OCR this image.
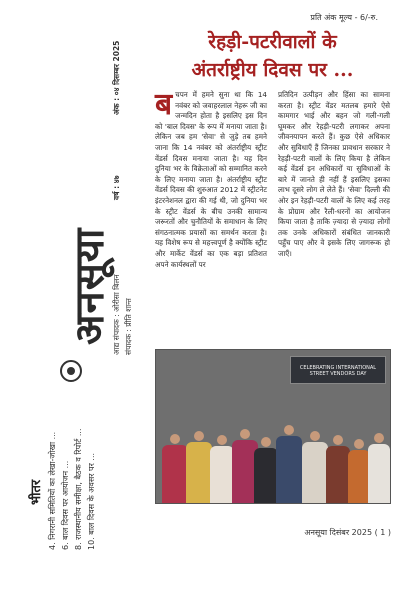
भीतर 4. निगरानी समितियों का लेखा-जोखा ... 6. बाल दिवस पर आयोजन ... 8. राजस्थानीय समीक्षा, बैठक व रिपोर्ट ... 10. बाल दिवस के अवसर पर ...
अनसूया आद्य संपादक : ओरीसा बिलन संपादक : प्रीति शान्त
वर्ष : ४७
अंक : ०४ दिसम्बर 2025
प्रति अंक मूल्य - 6/-रु.
रेहड़ी-पटरीवालों के
अंतर्राष्ट्रीय दिवस पर ...
ब चपन में हमने सुना था कि 14 नवंबर को जवाहरलाल नेहरू जी का जन्मदिन होता है इसलिए इस दिन को 'बाल दिवस' के रूप में मनाया जाता है। लेकिन जब हम 'सेवा' से जुड़े तब हमने जाना कि 14 नवंबर को अंतर्राष्ट्रीय स्ट्रीट वेंडर्स दिवस मनाया जाता है। यह दिन दुनिया भर के विक्रेताओं को सम्मानित करने के लिए मनाया जाता है। अंतर्राष्ट्रीय स्ट्रीट वेंडर्स दिवस की शुरुआत 2012 में स्ट्रीटनेट इंटरनेशनल द्वारा की गई थी, जो दुनिया भर के स्ट्रीट वेंडर्स के बीच उनकी सामान्य जरूरतों और चुनौतियों के समाधान के लिए संगठनात्मक प्रयासों का समर्थन करता है। यह विशेष रूप से महत्त्वपूर्ण है क्योंकि स्ट्रीट और मार्केट वेंडर्स का एक बड़ा प्रतिशत अपने कार्यस्थलों पर
प्रतिदिन उत्पीड़न और हिंसा का सामना करता है। स्ट्रीट वेंडर मतलब हमारे ऐसे कामगार भाई और बहन जो गली-गली घूमकर और रेहड़ी-पटरी लगाकर अपना जीवनयापन करते हैं। कुछ ऐसे अधिकार और सुविधाएँ हैं जिनका प्रावधान सरकार ने रेहड़ी-पटरी वालों के लिए किया है लेकिन कई वेंडर्स इन अधिकारों या सुविधाओं के बारे में जानते ही नहीं हैं इसलिए इसका लाभ दूसरे लोग ले लेते हैं। 'सेवा' दिल्ली की ओर इन रेहड़ी-पटरी वालों के लिए कई तरह के प्रोग्राम और रैली-धरनों का आयोजन किया जाता है ताकि ज़्यादा से ज़्यादा लोगों तक उनके अधिकारों संबंधित जानकारी पहुँच पाए और वे इसके लिए जागरूक हो जाएँ।
CELEBRATING INTERNATIONAL STREET VENDORS DAY
अनसूया दिसंबर 2025 ( 1 )
